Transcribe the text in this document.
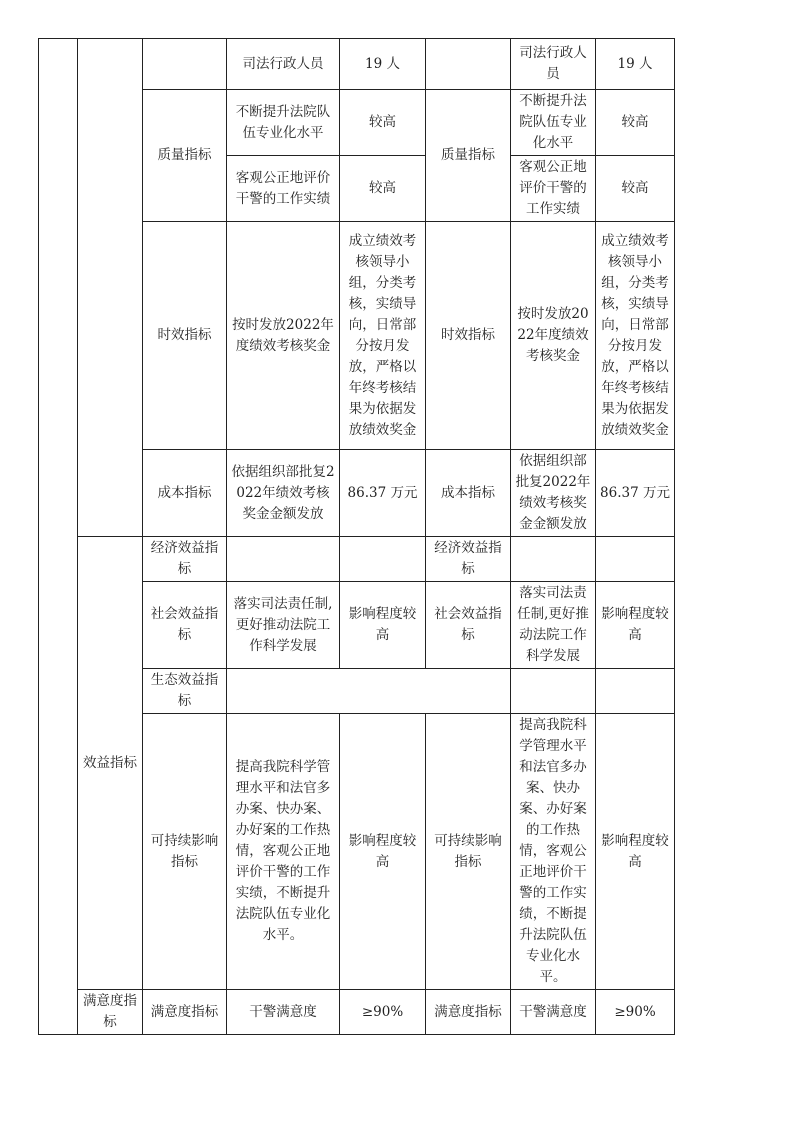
			司法行政人员	19 人		司法行政人员	19 人
		质量指标	不断提升法院队伍专业化水平	较高	质量指标	不断提升法院队伍专业化水平	较高
			客观公正地评价干警的工作实绩	较高		客观公正地评价干警的工作实绩	较高
		时效指标	按时发放2022年度绩效考核奖金	成立绩效考核领导小组，分类考核，实绩导向，日常部分按月发放，严格以年终考核结果为依据发放绩效奖金	时效指标	按时发放2022年度绩效考核奖金	成立绩效考核领导小组，分类考核，实绩导向，日常部分按月发放，严格以年终考核结果为依据发放绩效奖金
		成本指标	依据组织部批复2022年绩效考核奖金金额发放	86.37 万元	成本指标	依据组织部批复2022年绩效考核奖金金额发放	86.37 万元
	效益指标	经济效益指标			经济效益指标		
		社会效益指标	落实司法责任制,更好推动法院工作科学发展	影响程度较高	社会效益指标	落实司法责任制,更好推动法院工作科学发展	影响程度较高
		生态效益指标					
		可持续影响指标	提高我院科学管理水平和法官多办案、快办案、办好案的工作热情，客观公正地评价干警的工作实绩，不断提升法院队伍专业化水平。	影响程度较高	可持续影响指标	提高我院科学管理水平和法官多办案、快办案、办好案的工作热情，客观公正地评价干警的工作实绩，不断提升法院队伍专业化水平。	影响程度较高
	满意度指标	满意度指标	干警满意度	≥90%	满意度指标	干警满意度	≥90%
